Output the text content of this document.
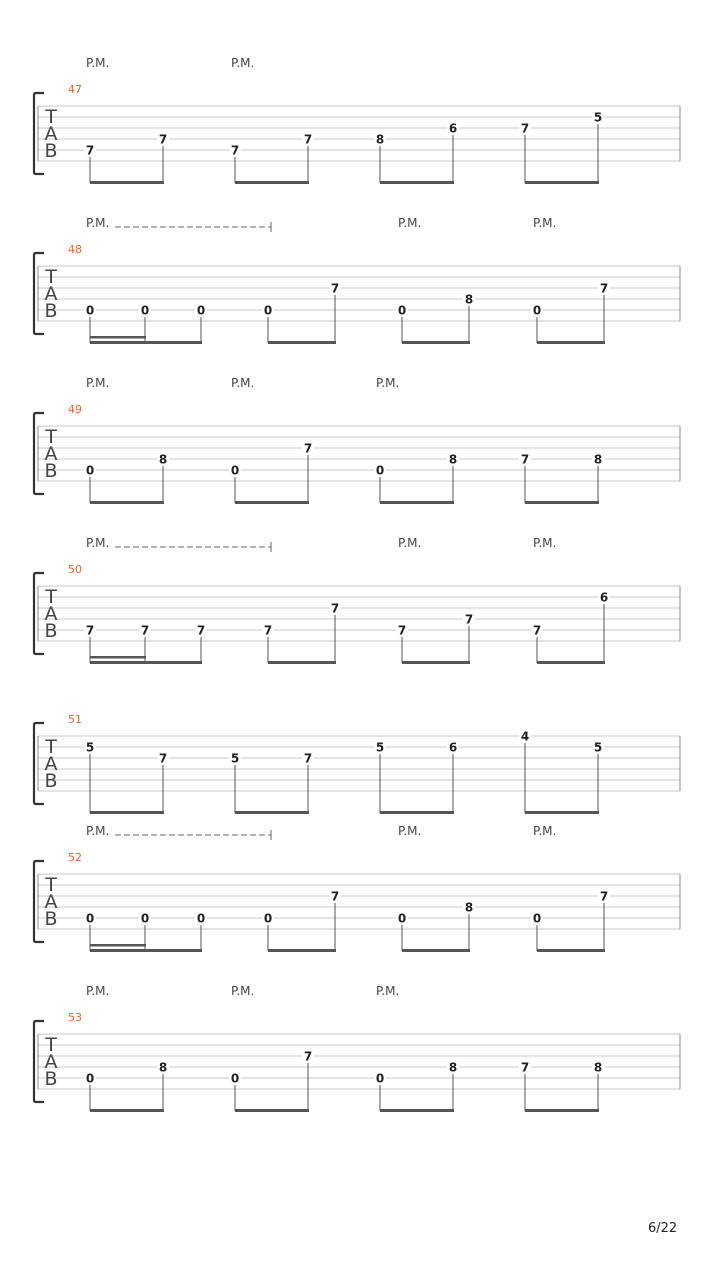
P.M.	P.M.
47
T
A
B 7
7
7
7	8
6	7
5
P.M.	P.M.	P.M.
48
T
A
B 0	0	0	0
7
0
8
0
7
P.M.	P.M.	P.M.
49
T
A
B 0
8
0
7
0
8	7	8
P.M.	P.M.	P.M.
50
T
A
B 7	7	7	7
7
7
7
7
6
51
T
A
B
5
7	5	7
5	6
4
5
P.M.	P.M.	P.M.
52
T
A
B 0	0	0	0
7
0
8
0
7
P.M.	P.M.	P.M.
53
T
A
B 0
8
0
7
0
8	7	8
6/22
